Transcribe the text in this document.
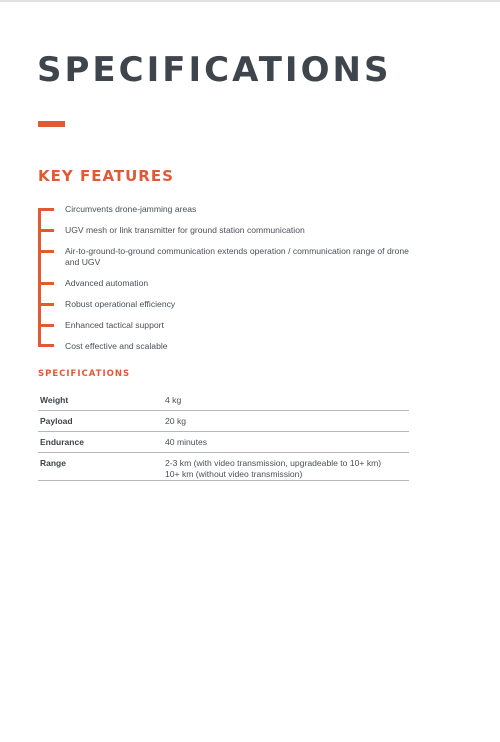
SPECIFICATIONS
KEY FEATURES
Circumvents drone-jamming areas
UGV mesh or link transmitter for ground station communication
Air-to-ground-to-ground communication extends operation / communication range of drone and UGV
Advanced automation
Robust operational efficiency
Enhanced tactical support
Cost effective and scalable
SPECIFICATIONS
Weight	4 kg
Payload	20 kg
Endurance	40 minutes
Range	2-3 km (with video transmission, upgradeable to 10+ km)
10+ km (without video transmission)
